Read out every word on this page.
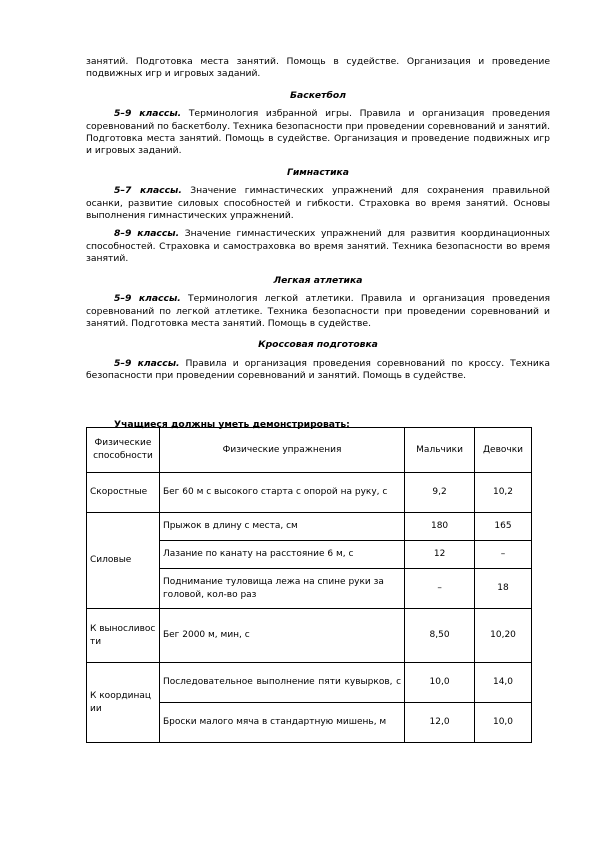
занятий. Подготовка места занятий. Помощь в судействе. Организация и проведение подвижных игр и игровых заданий.

Баскетбол

5–9 классы. Терминология избранной игры. Правила и организация проведения соревнований по баскетболу. Техника безопасности при проведении соревнований и занятий. Подготовка места занятий. Помощь в судействе. Организация и проведение подвижных игр и игровых заданий.

Гимнастика

5–7 классы. Значение гимнастических упражнений для сохранения правильной осанки, развитие силовых способностей и гибкости. Страховка во время занятий. Основы выполнения гимнастических упражнений.

8–9 классы. Значение гимнастических упражнений для развития координационных способностей. Страховка и самостраховка во время занятий. Техника безопасности во время занятий.

Легкая атлетика

5–9 классы. Терминология легкой атлетики. Правила и организация проведения соревнований по легкой атлетике. Техника безопасности при проведении соревнований и занятий. Подготовка места занятий. Помощь в судействе.

Кроссовая подготовка

5–9 классы. Правила и организация проведения соревнований по кроссу. Техника безопасности при проведении соревнований и занятий. Помощь в судействе.

Учащиеся должны уметь демонстрировать:

Физические способности	Физические упражнения	Мальчики	Девочки
Скоростные	Бег 60 м с высокого старта с опорой на руку, с	9,2	10,2
Силовые	Прыжок в длину с места, см	180	165
	Лазание по канату на расстояние 6 м, с	12	–
	Поднимание туловища лежа на спине руки за головой, кол-во раз	–	18
К выносливости	Бег 2000 м, мин, с	8,50	10,20
К координации	Последовательное выполнение пяти кувырков, с	10,0	14,0
	Броски малого мяча в стандартную мишень, м	12,0	10,0
